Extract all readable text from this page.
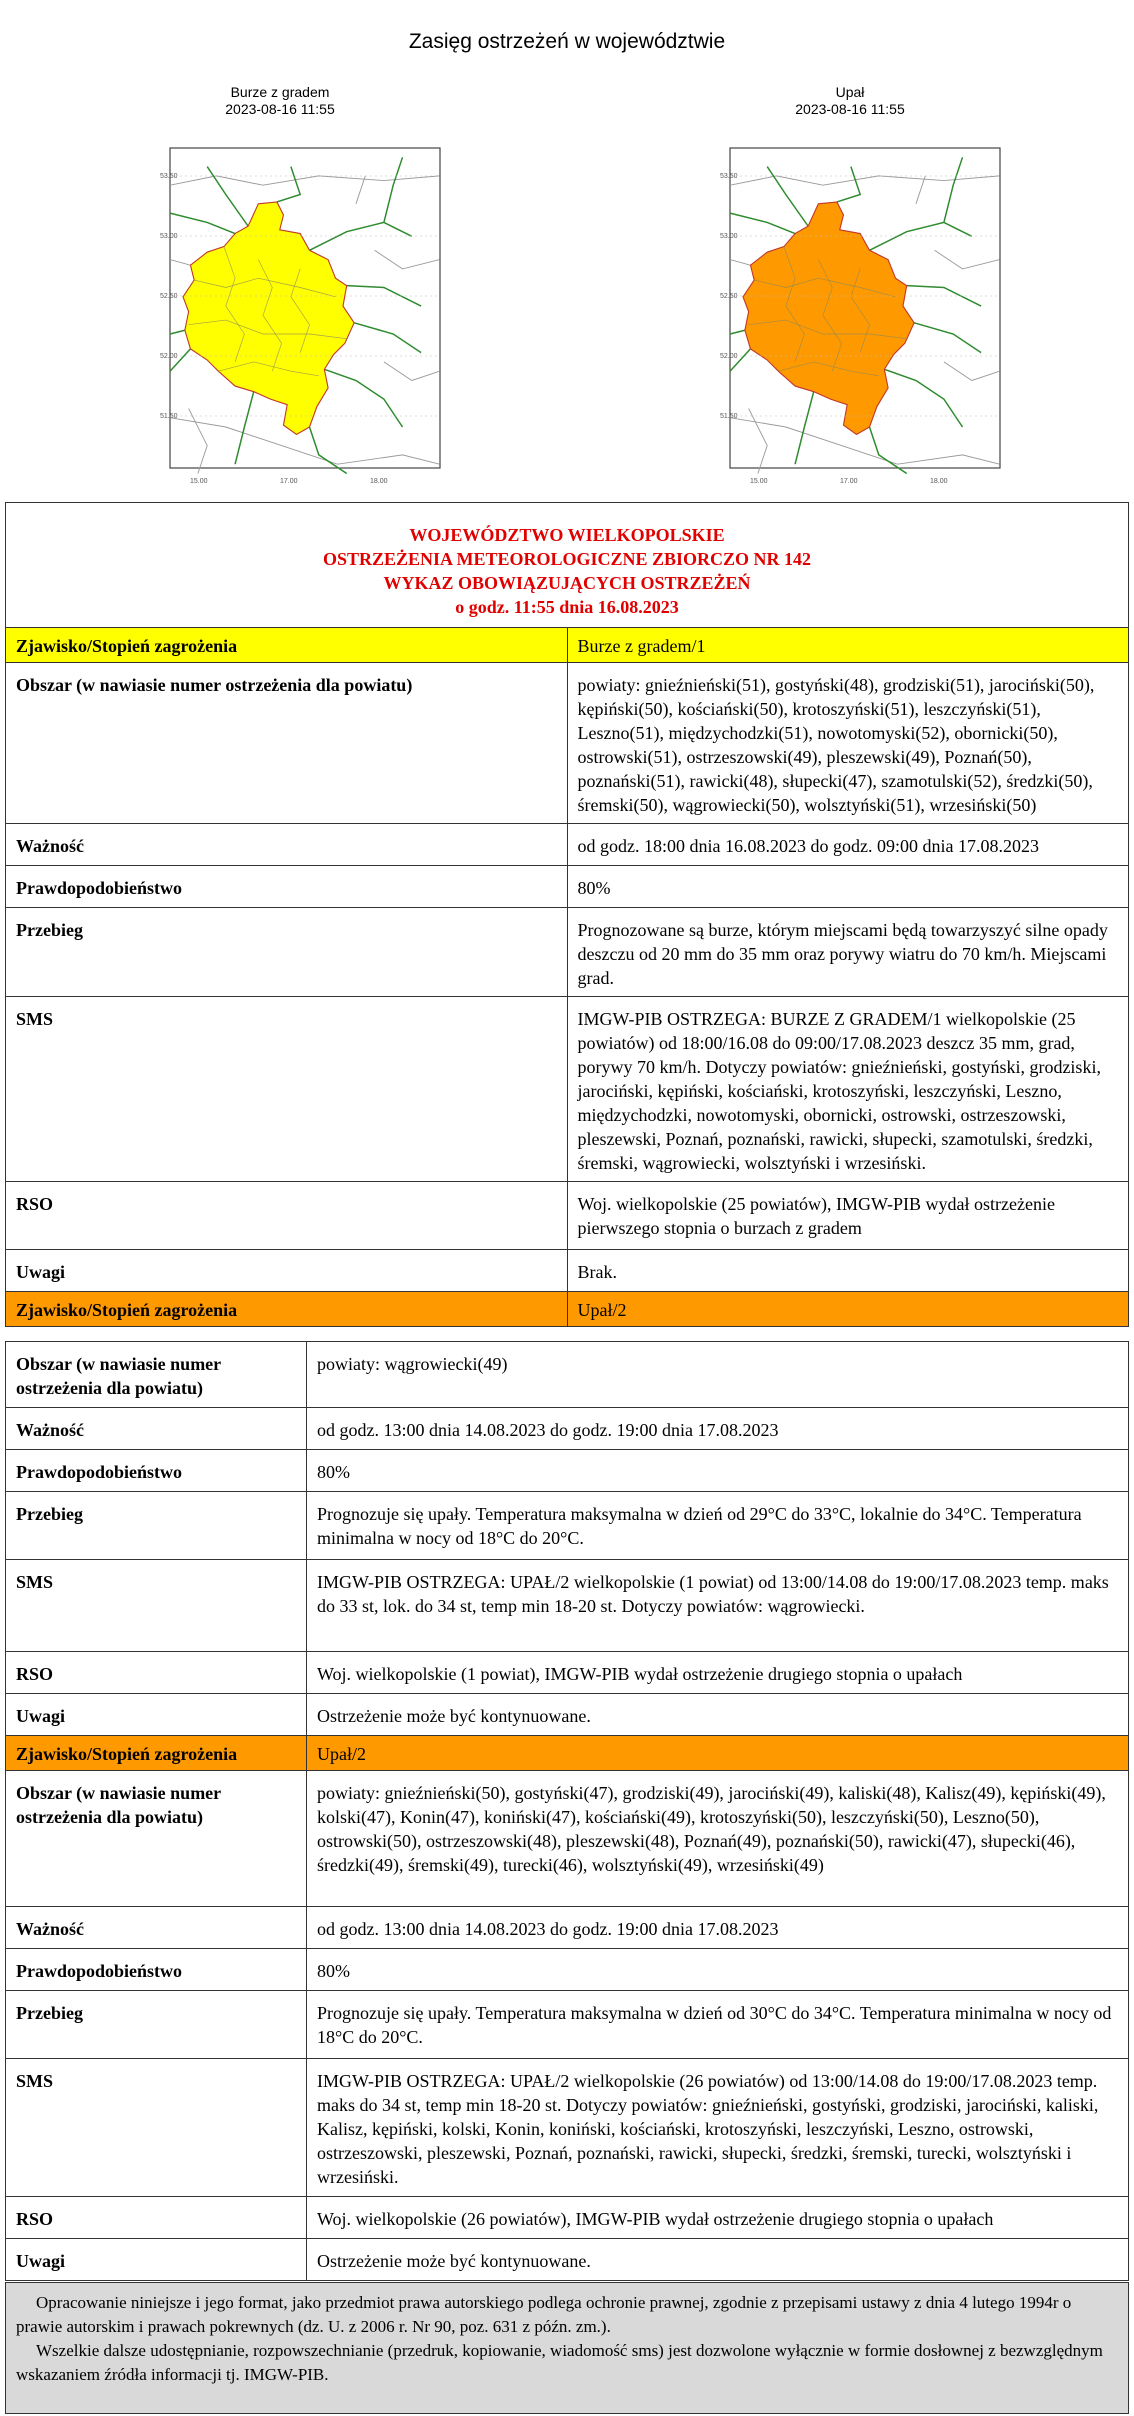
Zasięg ostrzeżeń w województwie
Burze z gradem
2023-08-16 11:55
Upał
2023-08-16 11:55
53.50
53.00
52.50
52.00
51.50
15.00	17.00	18.00
53.50
53.00
52.50
52.00
51.50
15.00	17.00	18.00
WOJEWÓDZTWO WIELKOPOLSKIE
OSTRZEŻENIA METEOROLOGICZNE ZBIORCZO NR 142
WYKAZ OBOWIĄZUJĄCYCH OSTRZEŻEŃ
o godz. 11:55 dnia 16.08.2023	

Zjawisko/Stopień zagrożenia	Burze z gradem/1
Obszar (w nawiasie numer ostrzeżenia dla powiatu)	powiaty: gnieźnieński(51), gostyński(48), grodziski(51), jarociński(50), kępiński(50), kościański(50), krotoszyński(51), leszczyński(51), Leszno(51), międzychodzki(51), nowotomyski(52), obornicki(50), ostrowski(51), ostrzeszowski(49), pleszewski(49), Poznań(50), poznański(51), rawicki(48), słupecki(47), szamotulski(52), średzki(50), śremski(50), wągrowiecki(50), wolsztyński(51), wrzesiński(50)
Ważność	od godz. 18:00 dnia 16.08.2023 do godz. 09:00 dnia 17.08.2023
Prawdopodobieństwo	80%
Przebieg	Prognozowane są burze, którym miejscami będą towarzyszyć silne opady deszczu od 20 mm do 35 mm oraz porywy wiatru do 70 km/h. Miejscami grad.
SMS	IMGW-PIB OSTRZEGA: BURZE Z GRADEM/1 wielkopolskie (25 powiatów) od 18:00/16.08 do 09:00/17.08.2023 deszcz 35 mm, grad, porywy 70 km/h. Dotyczy powiatów: gnieźnieński, gostyński, grodziski, jarociński, kępiński, kościański, krotoszyński, leszczyński, Leszno, międzychodzki, nowotomyski, obornicki, ostrowski, ostrzeszowski, pleszewski, Poznań, poznański, rawicki, słupecki, szamotulski, średzki, śremski, wągrowiecki, wolsztyński i wrzesiński.
RSO	Woj. wielkopolskie (25 powiatów), IMGW-PIB wydał ostrzeżenie pierwszego stopnia o burzach z gradem
Uwagi	Brak.
Zjawisko/Stopień zagrożenia	Upał/2
Obszar (w nawiasie numer ostrzeżenia dla powiatu)	powiaty: wągrowiecki(49)
Ważność	od godz. 13:00 dnia 14.08.2023 do godz. 19:00 dnia 17.08.2023
Prawdopodobieństwo	80%
Przebieg	Prognozuje się upały. Temperatura maksymalna w dzień od 29°C do 33°C, lokalnie do 34°C. Temperatura minimalna w nocy od 18°C do 20°C.
SMS	IMGW-PIB OSTRZEGA: UPAŁ/2 wielkopolskie (1 powiat) od 13:00/14.08 do 19:00/17.08.2023 temp. maks do 33 st, lok. do 34 st, temp min 18-20 st. Dotyczy powiatów: wągrowiecki.
RSO	Woj. wielkopolskie (1 powiat), IMGW-PIB wydał ostrzeżenie drugiego stopnia o upałach
Uwagi	Ostrzeżenie może być kontynuowane.
Zjawisko/Stopień zagrożenia	Upał/2
Obszar (w nawiasie numer ostrzeżenia dla powiatu)	powiaty: gnieźnieński(50), gostyński(47), grodziski(49), jarociński(49), kaliski(48), Kalisz(49), kępiński(49), kolski(47), Konin(47), koniński(47), kościański(49), krotoszyński(50), leszczyński(50), Leszno(50), ostrowski(50), ostrzeszowski(48), pleszewski(48), Poznań(49), poznański(50), rawicki(47), słupecki(46), średzki(49), śremski(49), turecki(46), wolsztyński(49), wrzesiński(49)
Ważność	od godz. 13:00 dnia 14.08.2023 do godz. 19:00 dnia 17.08.2023
Prawdopodobieństwo	80%
Przebieg	Prognozuje się upały. Temperatura maksymalna w dzień od 30°C do 34°C. Temperatura minimalna w nocy od 18°C do 20°C.
SMS	IMGW-PIB OSTRZEGA: UPAŁ/2 wielkopolskie (26 powiatów) od 13:00/14.08 do 19:00/17.08.2023 temp. maks do 34 st, temp min 18-20 st. Dotyczy powiatów: gnieźnieński, gostyński, grodziski, jarociński, kaliski, Kalisz, kępiński, kolski, Konin, koniński, kościański, krotoszyński, leszczyński, Leszno, ostrowski, ostrzeszowski, pleszewski, Poznań, poznański, rawicki, słupecki, średzki, śremski, turecki, wolsztyński i wrzesiński.
RSO	Woj. wielkopolskie (26 powiatów), IMGW-PIB wydał ostrzeżenie drugiego stopnia o upałach
Uwagi	Ostrzeżenie może być kontynuowane.

Opracowanie niniejsze i jego format, jako przedmiot prawa autorskiego podlega ochronie prawnej, zgodnie z przepisami ustawy z dnia 4 lutego 1994r o prawie autorskim i prawach pokrewnych (dz. U. z 2006 r. Nr 90, poz. 631 z późn. zm.).

Wszelkie dalsze udostępnianie, rozpowszechnianie (przedruk, kopiowanie, wiadomość sms) jest dozwolone wyłącznie w formie dosłownej z bezwzględnym wskazaniem źródła informacji tj. IMGW-PIB.
